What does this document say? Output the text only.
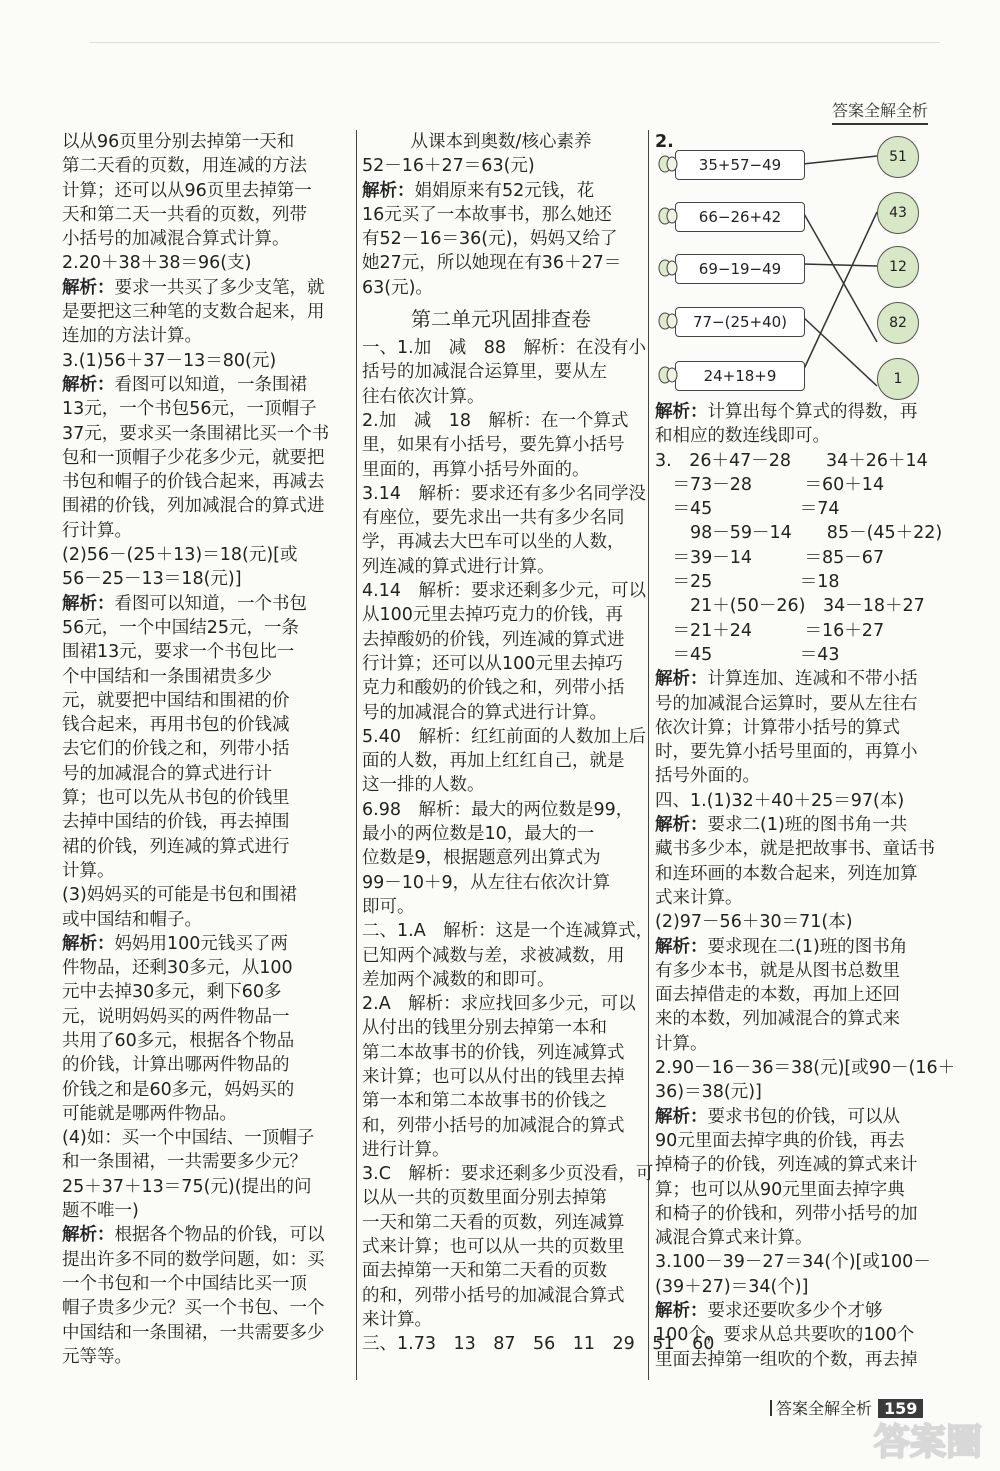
答案全解全析
以从96页里分别去掉第一天和
第二天看的页数，用连减的方法
计算；还可以从96页里去掉第一
天和第二天一共看的页数，列带
小括号的加减混合算式计算。
2.20＋38＋38＝96(支)
解析：要求一共买了多少支笔，就
是要把这三种笔的支数合起来，用
连加的方法计算。
3.(1)56＋37－13＝80(元)
解析：看图可以知道，一条围裙
13元，一个书包56元，一顶帽子
37元，要求买一条围裙比买一个书
包和一顶帽子少花多少元，就要把
书包和帽子的价钱合起来，再减去
围裙的价钱，列加减混合的算式进
行计算。
(2)56－(25＋13)＝18(元)[或
56－25－13＝18(元)]
解析：看图可以知道，一个书包
56元，一个中国结25元，一条
围裙13元，要求一个书包比一
个中国结和一条围裙贵多少
元，就要把中国结和围裙的价
钱合起来，再用书包的价钱减
去它们的价钱之和，列带小括
号的加减混合的算式进行计
算；也可以先从书包的价钱里
去掉中国结的价钱，再去掉围
裙的价钱，列连减的算式进行
计算。
(3)妈妈买的可能是书包和围裙
或中国结和帽子。
解析：妈妈用100元钱买了两
件物品，还剩30多元，从100
元中去掉30多元，剩下60多
元，说明妈妈买的两件物品一
共用了60多元，根据各个物品
的价钱，计算出哪两件物品的
价钱之和是60多元，妈妈买的
可能就是哪两件物品。
(4)如：买一个中国结、一顶帽子
和一条围裙，一共需要多少元？
25＋37＋13＝75(元)(提出的问
题不唯一)
解析：根据各个物品的价钱，可以
提出许多不同的数学问题，如：买
一个书包和一个中国结比买一顶
帽子贵多少元？买一个书包、一个
中国结和一条围裙，一共需要多少
元等等。
从课本到奥数/核心素养
52－16＋27＝63(元)
解析：娟娟原来有52元钱，花
16元买了一本故事书，那么她还
有52－16＝36(元)，妈妈又给了
她27元，所以她现在有36＋27＝
63(元)。
第二单元巩固排查卷
一、1.加　减　88　解析：在没有小
括号的加减混合运算里，要从左
往右依次计算。
2.加　减　18　解析：在一个算式
里，如果有小括号，要先算小括号
里面的，再算小括号外面的。
3.14　解析：要求还有多少名同学没
有座位，要先求出一共有多少名同
学，再减去大巴车可以坐的人数，
列连减的算式进行计算。
4.14　解析：要求还剩多少元，可以
从100元里去掉巧克力的价钱，再
去掉酸奶的价钱，列连减的算式进
行计算；还可以从100元里去掉巧
克力和酸奶的价钱之和，列带小括
号的加减混合的算式进行计算。
5.40　解析：红红前面的人数加上后
面的人数，再加上红红自己，就是
这一排的人数。
6.98　解析：最大的两位数是99，
最小的两位数是10，最大的一
位数是9，根据题意列出算式为
99－10＋9，从左往右依次计算
即可。
二、1.A　解析：这是一个连减算式，
已知两个减数与差，求被减数，用
差加两个减数的和即可。
2.A　解析：求应找回多少元，可以
从付出的钱里分别去掉第一本和
第二本故事书的价钱，列连减算式
来计算；也可以从付出的钱里去掉
第一本和第二本故事书的价钱之
和，列带小括号的加减混合的算式
进行计算。
3.C　解析：要求还剩多少页没看，可
以从一共的页数里面分别去掉第
一天和第二天看的页数，列连减算
式来计算；也可以从一共的页数里
面去掉第一天和第二天看的页数
的和，列带小括号的加减混合算式
来计算。
三、1.73　13　87　56　11　29　51　60
2.
35+57−49
66−26+42
69−19−49
77−(25+40)
24+18+9
51
43
12
82
1
解析：计算出每个算式的得数，再
和相应的数连线即可。
3.　26＋47－28　　34＋26＋14
　＝73－28　　　＝60＋14
　＝45　　　　　＝74
　　98－59－14　　85－(45＋22)
　＝39－14　　　＝85－67
　＝25　　　　　＝18
　　21＋(50－26)　34－18＋27
　＝21＋24　　　＝16＋27
　＝45　　　　　＝43
解析：计算连加、连减和不带小括
号的加减混合运算时，要从左往右
依次计算；计算带小括号的算式
时，要先算小括号里面的，再算小
括号外面的。
四、1.(1)32＋40＋25＝97(本)
解析：要求二(1)班的图书角一共
藏书多少本，就是把故事书、童话书
和连环画的本数合起来，列连加算
式来计算。
(2)97－56＋30＝71(本)
解析：要求现在二(1)班的图书角
有多少本书，就是从图书总数里
面去掉借走的本数，再加上还回
来的本数，列加减混合的算式来
计算。
2.90－16－36＝38(元)[或90－(16＋
36)＝38(元)]
解析：要求书包的价钱，可以从
90元里面去掉字典的价钱，再去
掉椅子的价钱，列连减的算式来计
算；也可以从90元里面去掉字典
和椅子的价钱和，列带小括号的加
减混合算式来计算。
3.100－39－27＝34(个)[或100－
(39＋27)＝34(个)]
解析：要求还要吹多少个才够
100个，要求从总共要吹的100个
里面去掉第一组吹的个数，再去掉
答案全解全析 159
答案圈
